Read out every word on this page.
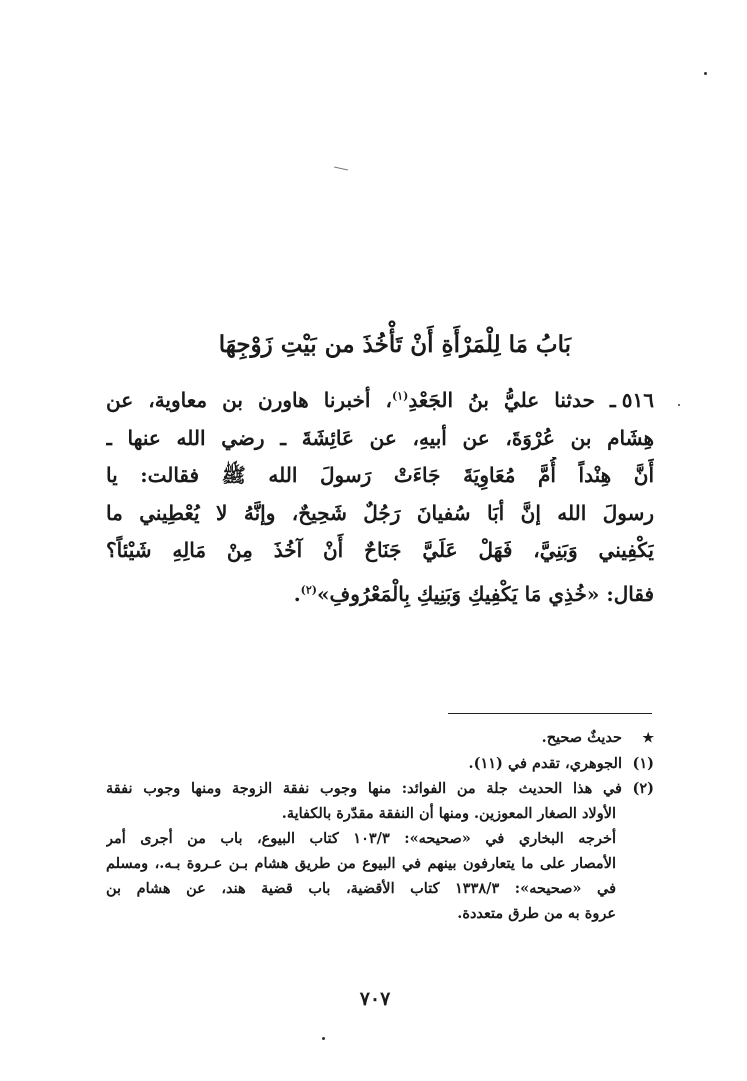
بَابُ مَا لِلْمَرْأَةِ أَنْ تَأْخُذَ من بَيْتِ زَوْجِهَا
٥١٦ـ حدثنا عليُّ بنُ الجَعْدِ$^{(١)}$، أخبرنا هاورن بن معاوية، عن
هِشَام بن عُرْوَةَ، عن أبيهِ، عن عَائِشَةَ ـ رضي الله عنها ـ
أَنَّ هِنْداً أُمَّ مُعَاوِيَةَ جَاءَتْ رَسولَ الله ﷺ فقالت: يا
رسولَ الله إنَّ أبَا سُفيانَ رَجُلٌ شَحِيحٌ، وإنَّهُ لا يُعْطِيني ما
يَكْفِيني وَبَنِيَّ، فَهَلْ عَلَيَّ جَنَاحٌ أَنْ آخُذَ مِنْ مَالِهِ شَيْئاً؟
فقال: «خُذِي مَا يَكْفِيكِ وَبَنِيكِ بِالْمَعْرُوفِ»$^{(٢)}$.
★حديثٌ صحيح.
(١)الجوهري، تقدم في (١١).
(٢)في هذا الحديث جلة من الفوائد: منها وجوب نفقة الزوجة ومنها وجوب نفقة
الأولاد الصغار المعوزين. ومنها أن النفقة مقدّرة بالكفاية.
أخرجه البخاري في «صحيحه»: ١٠٣/٣ كتاب البيوع، باب من أجرى أمر
الأمصار على ما يتعارفون بينهم في البيوع من طريق هشام بـن عـروة بـه.، ومسلم
في «صحيحه»: ١٣٣٨/٣ كتاب الأقضية، باب قضية هند، عن هشام بن
عروة به من طرق متعددة.
٧٠٧
